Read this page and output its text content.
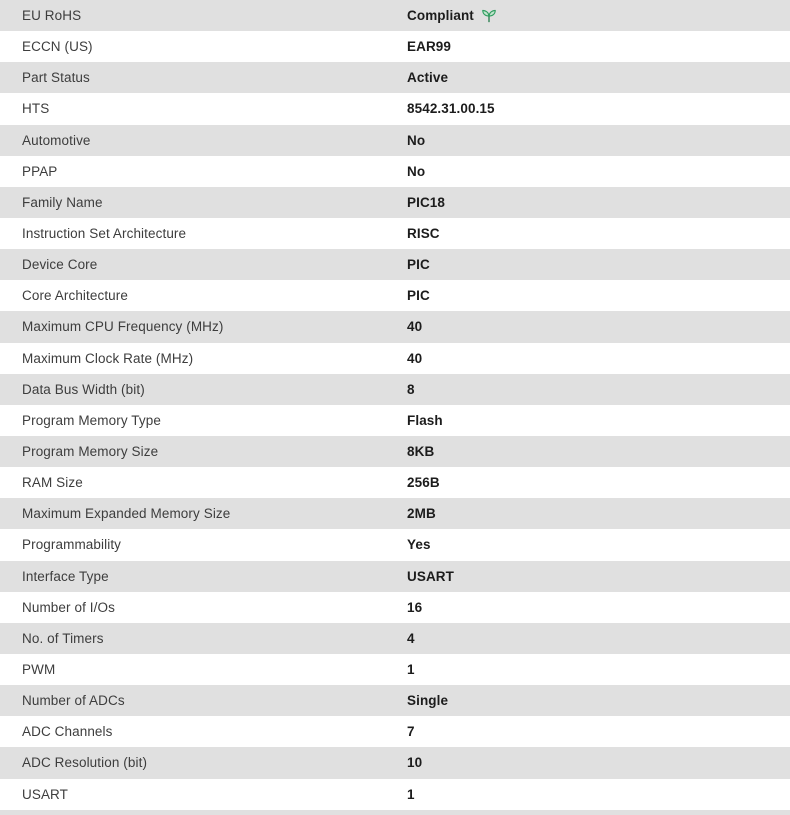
EU RoHS	Compliant
ECCN (US)	EAR99
Part Status	Active
HTS	8542.31.00.15
Automotive	No
PPAP	No
Family Name	PIC18
Instruction Set Architecture	RISC
Device Core	PIC
Core Architecture	PIC
Maximum CPU Frequency (MHz)	40
Maximum Clock Rate (MHz)	40
Data Bus Width (bit)	8
Program Memory Type	Flash
Program Memory Size	8KB
RAM Size	256B
Maximum Expanded Memory Size	2MB
Programmability	Yes
Interface Type	USART
Number of I/Os	16
No. of Timers	4
PWM	1
Number of ADCs	Single
ADC Channels	7
ADC Resolution (bit)	10
USART	1
